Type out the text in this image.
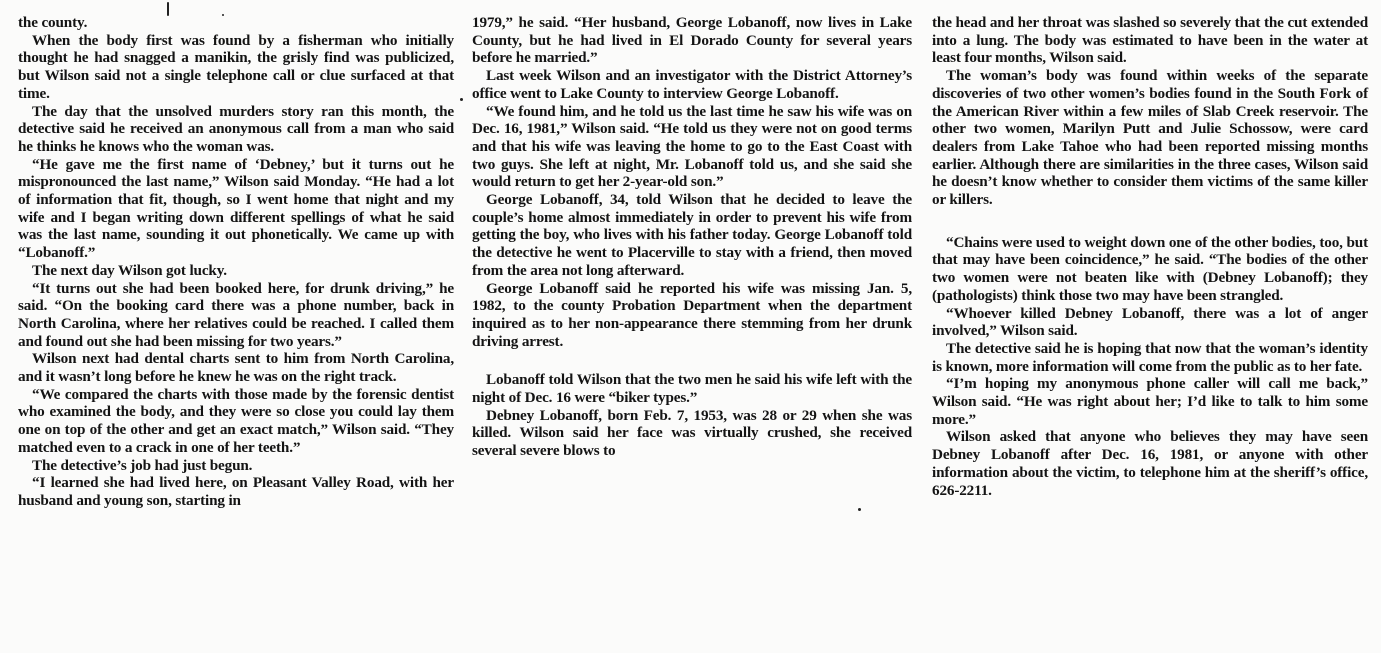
the county.

When the body first was found by a fisherman who initially thought he had snagged a manikin, the grisly find was publicized, but Wilson said not a single telephone call or clue surfaced at that time.

The day that the unsolved murders story ran this month, the detective said he received an anonymous call from a man who said he thinks he knows who the woman was.

“He gave me the first name of ‘Debney,’ but it turns out he mispronounced the last name,” Wilson said Monday. “He had a lot of information that fit, though, so I went home that night and my wife and I began writing down different spellings of what he said was the last name, sounding it out phonetically. We came up with “Lobanoff.”

The next day Wilson got lucky.

“It turns out she had been booked here, for drunk driving,” he said. “On the booking card there was a phone number, back in North Carolina, where her relatives could be reached. I called them and found out she had been missing for two years.”

Wilson next had dental charts sent to him from North Carolina, and it wasn’t long before he knew he was on the right track.

“We compared the charts with those made by the forensic dentist who examined the body, and they were so close you could lay them one on top of the other and get an exact match,” Wilson said. “They matched even to a crack in one of her teeth.”

The detective’s job had just begun.

“I learned she had lived here, on Pleasant Valley Road, with her husband and young son, starting in

1979,” he said. “Her husband, George Lobanoff, now lives in Lake County, but he had lived in El Dorado County for several years before he married.”

Last week Wilson and an investigator with the District Attorney’s office went to Lake County to interview George Lobanoff.

“We found him, and he told us the last time he saw his wife was on Dec. 16, 1981,” Wilson said. “He told us they were not on good terms and that his wife was leaving the home to go to the East Coast with two guys. She left at night, Mr. Lobanoff told us, and she said she would return to get her 2-year-old son.”

George Lobanoff, 34, told Wilson that he decided to leave the couple’s home almost immediately in order to prevent his wife from getting the boy, who lives with his father today. George Lobanoff told the detective he went to Placerville to stay with a friend, then moved from the area not long afterward.

George Lobanoff said he reported his wife was missing Jan. 5, 1982, to the county Probation Department when the department inquired as to her non-appearance there stemming from her drunk driving arrest.

Lobanoff told Wilson that the two men he said his wife left with the night of Dec. 16 were “biker types.”

Debney Lobanoff, born Feb. 7, 1953, was 28 or 29 when she was killed. Wilson said her face was virtually crushed, she received several severe blows to

the head and her throat was slashed so severely that the cut extended into a lung. The body was estimated to have been in the water at least four months, Wilson said.

The woman’s body was found within weeks of the separate discoveries of two other women’s bodies found in the South Fork of the American River within a few miles of Slab Creek reservoir. The other two women, Marilyn Putt and Julie Schossow, were card dealers from Lake Tahoe who had been reported missing months earlier. Although there are similarities in the three cases, Wilson said he doesn’t know whether to consider them victims of the same killer or killers.

“Chains were used to weight down one of the other bodies, too, but that may have been coincidence,” he said. “The bodies of the other two women were not beaten like with (Debney Lobanoff); they (pathologists) think those two may have been strangled.

“Whoever killed Debney Lobanoff, there was a lot of anger involved,” Wilson said.

The detective said he is hoping that now that the woman’s identity is known, more information will come from the public as to her fate.

“I’m hoping my anonymous phone caller will call me back,” Wilson said. “He was right about her; I’d like to talk to him some more.”

Wilson asked that anyone who believes they may have seen Debney Lobanoff after Dec. 16, 1981, or anyone with other information about the victim, to telephone him at the sheriff’s office, 626-2211.
